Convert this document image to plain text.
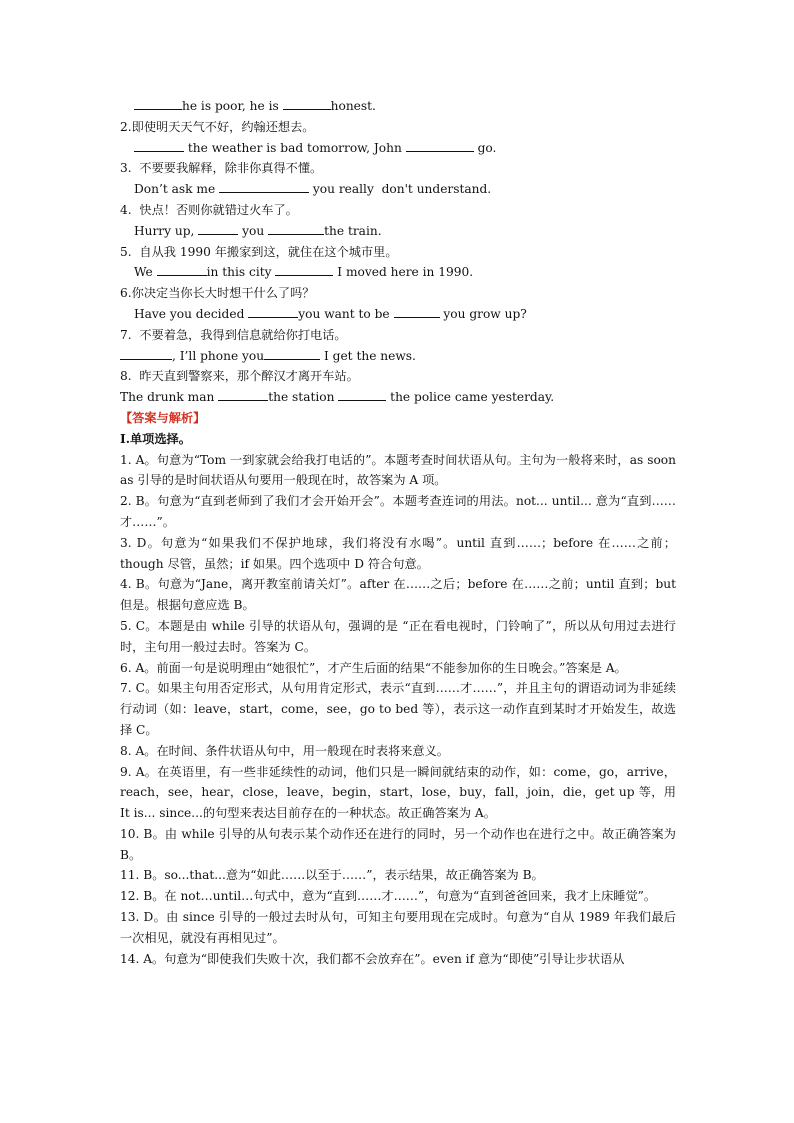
he is poor, he is	honest.

2.即使明天天气不好，约翰还想去。

the weather is bad tomorrow, John	go.

3.  不要要我解释，除非你真得不懂。

Don’t ask me	you really  don't understand.

4.  快点！否则你就错过火车了。

Hurry up,	you	the train.

5.  自从我 1990 年搬家到这，就住在这个城市里。

We	in this city	I moved here in 1990.

6.你决定当你长大时想干什么了吗？

Have you decided	you want to be	you grow up?

7.  不要着急，我得到信息就给你打电话。

, I’ll phone you	I get the news.

8.  昨天直到警察来，那个醉汉才离开车站。

The drunk man	the station	the police came yesterday.

【答案与解析】

I.单项选择。

1. A。句意为“Tom 一到家就会给我打电话的”。本题考查时间状语从句。主句为一般将来时，as soon as 引导的是时间状语从句要用一般现在时，故答案为 A 项。

2. B。句意为“直到老师到了我们才会开始开会”。本题考查连词的用法。not... until... 意为“直到……才……”。

3. D。句意为“如果我们不保护地球，我们将没有水喝”。until 直到……；before 在……之前；though 尽管，虽然；if 如果。四个选项中 D 符合句意。

4. B。句意为“Jane，离开教室前请关灯”。after 在……之后；before 在……之前；until 直到；but 但是。根据句意应选 B。

5. C。本题是由 while 引导的状语从句，强调的是 “正在看电视时，门铃响了”，所以从句用过去进行时，主句用一般过去时。答案为 C。

6. A。前面一句是说明理由“她很忙”，才产生后面的结果“不能参加你的生日晚会。”答案是 A。

7. C。如果主句用否定形式，从句用肯定形式，表示“直到……才……”，并且主句的谓语动词为非延续行动词（如：leave，start，come，see，go to bed 等），表示这一动作直到某时才开始发生，故选择 C。

8. A。在时间、条件状语从句中，用一般现在时表将来意义。

9. A。在英语里，有一些非延续性的动词，他们只是一瞬间就结束的动作，如：come，go，arrive，reach，see，hear，close，leave，begin，start，lose，buy，fall，join，die，get up 等，用 It is... since...的句型来表达目前存在的一种状态。故正确答案为 A。

10. B。由 while 引导的从句表示某个动作还在进行的同时，另一个动作也在进行之中。故正确答案为 B。

11. B。so...that...意为“如此……以至于……”，表示结果，故正确答案为 B。

12. B。在 not…until…句式中，意为“直到……才……”，句意为“直到爸爸回来，我才上床睡觉”。

13. D。由 since 引导的一般过去时从句，可知主句要用现在完成时。句意为“自从 1989 年我们最后一次相见，就没有再相见过”。

14. A。句意为“即使我们失败十次，我们都不会放弃在”。even if 意为“即使”引导让步状语从
